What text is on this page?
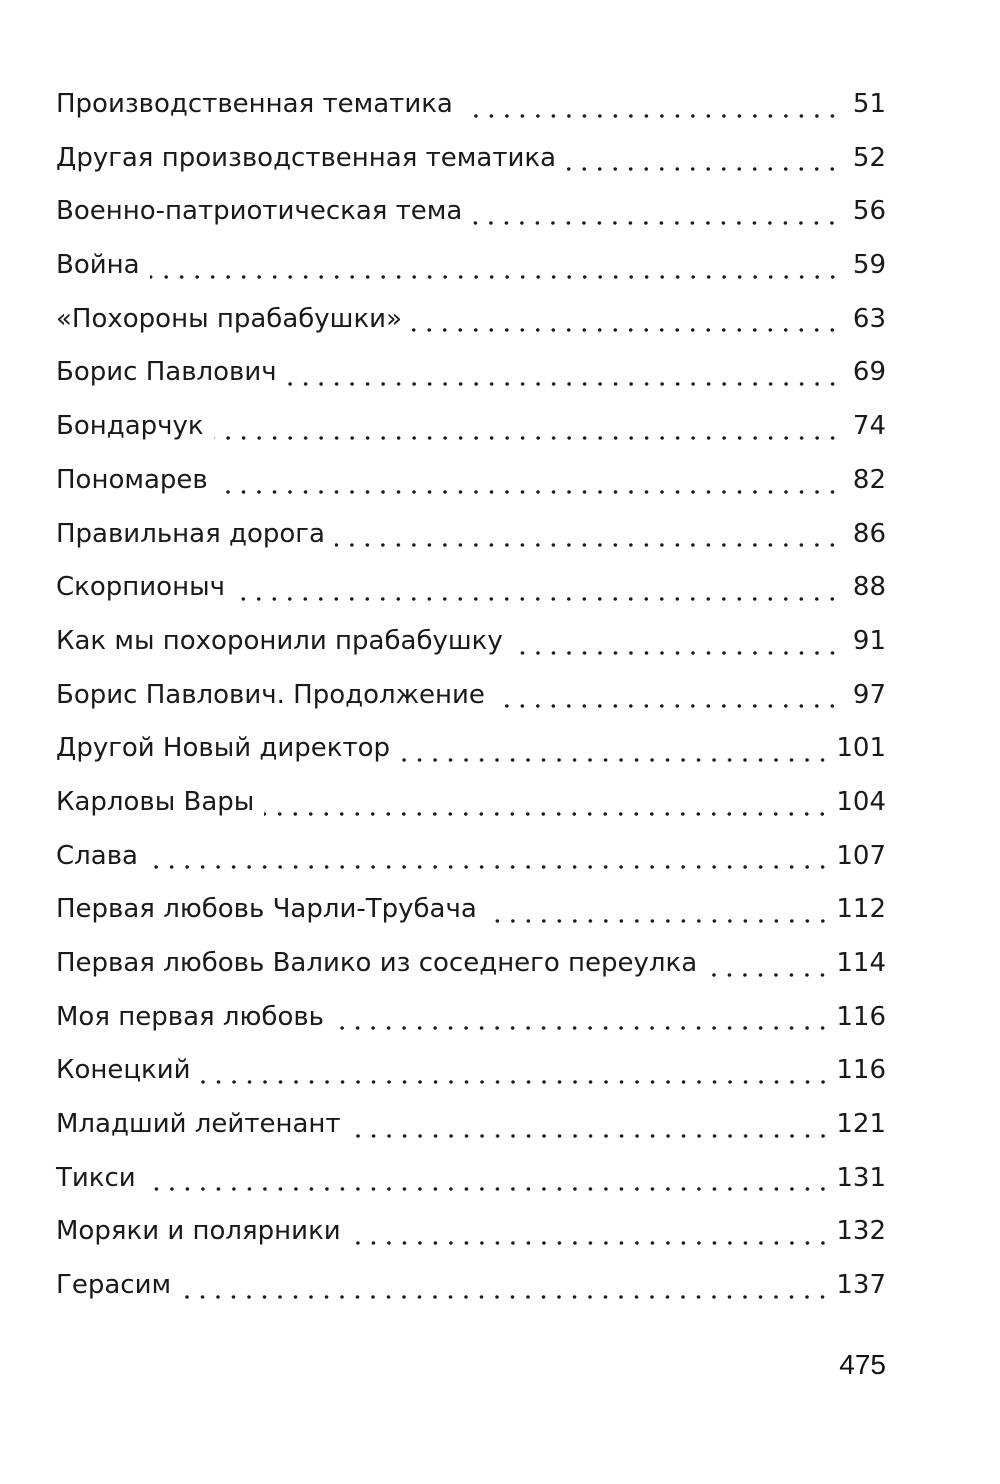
Производственная тематика	51
Другая производственная тематика	52
Военно-патриотическая тема	56
Война	59
«Похороны прабабушки»	63
Борис Павлович	69
Бондарчук	74
Пономарев	82
Правильная дорога	86
Скорпионыч	88
Как мы похоронили прабабушку	91
Борис Павлович. Продолжение	97
Другой Новый директор	101
Карловы Вары	104
Слава	107
Первая любовь Чарли-Трубача	112
Первая любовь Валико из соседнего переулка	114
Моя первая любовь	116
Конецкий	116
Младший лейтенант	121
Тикси	131
Моряки и полярники	132
Герасим	137
475
